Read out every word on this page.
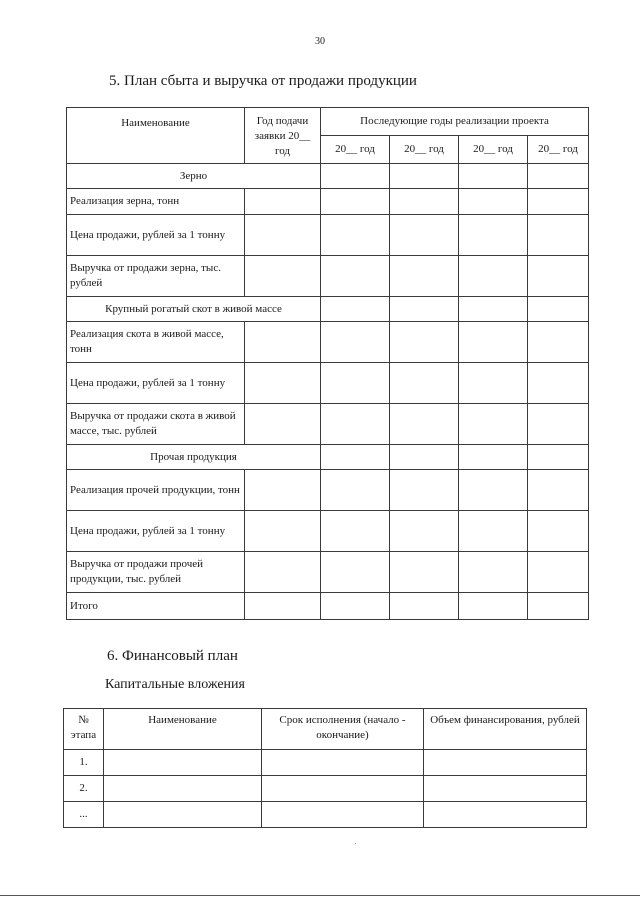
30
5. План сбыта и выручка от продажи продукции
Наименование	Год подачи заявки 20__ год	Последующие годы реализации проекта			
		20__ год	20__ год	20__ год	20__ год
Зерно					
Реализация зерна, тонн					
Цена продажи, рублей за 1 тонну					
Выручка от продажи зерна, тыс. рублей					
Крупный рогатый скот в живой массе					
Реализация скота в живой массе, тонн					
Цена продажи, рублей за 1 тонну					
Выручка от продажи скота в живой массе, тыс. рублей					
Прочая продукция					
Реализация прочей продукции, тонн					
Цена продажи, рублей за 1 тонну					
Выручка от продажи прочей продукции, тыс. рублей					
Итого					
6. Финансовый план
Капитальные вложения
№ этапа	Наименование	Срок исполнения (начало - окончание)	Объем финансирования, рублей
1.			
2.			
...			
